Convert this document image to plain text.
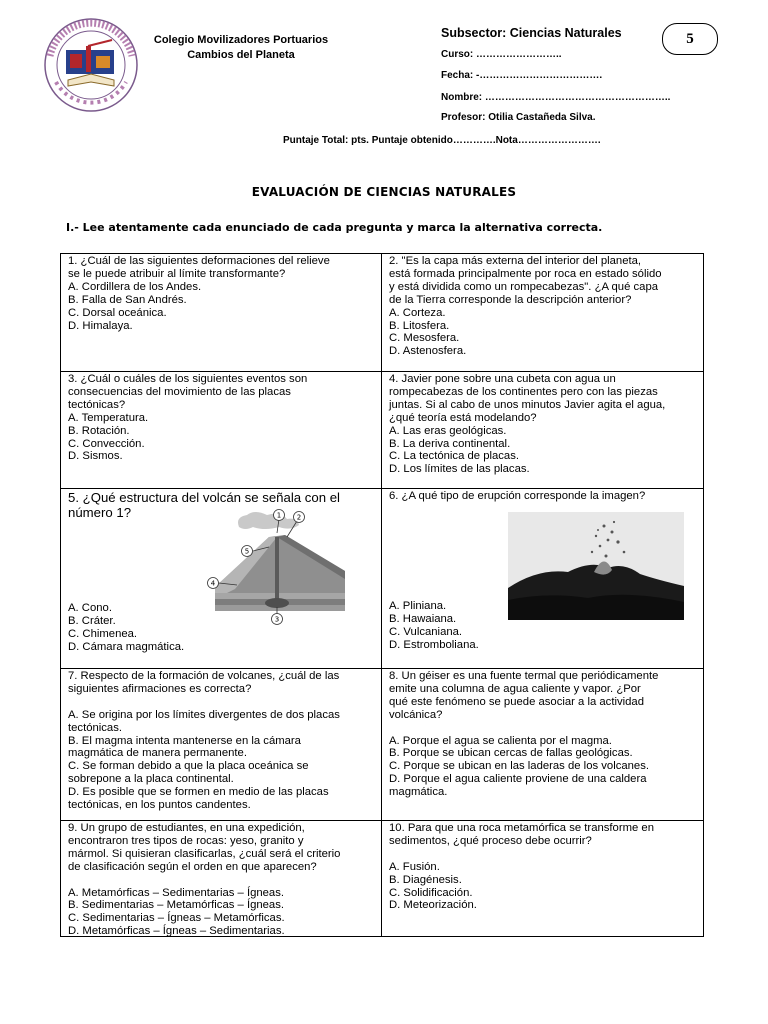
Colegio Movilizadores Portuarios
Cambios del Planeta
Subsector: Ciencias Naturales	5
Curso: ……………………..
Fecha: -……………………………….
Nombre: ………………………………………………..
Profesor: Otilia Castañeda Silva.
Puntaje Total: pts. Puntaje obtenido………….Nota…………………….
EVALUACIÓN DE CIENCIAS NATURALES
I.- Lee atentamente cada enunciado de cada pregunta y marca la alternativa correcta.
1. ¿Cuál de las siguientes deformaciones del relieve
se le puede atribuir al límite transformante?
A. Cordillera de los Andes.
B. Falla de San Andrés.
C. Dorsal oceánica.
D. Himalaya.
2. "Es la capa más externa del interior del planeta,
está formada principalmente por roca en estado sólido
y está dividida como un rompecabezas". ¿A qué capa
de la Tierra corresponde la descripción anterior?
A. Corteza.
B. Litosfera.
C. Mesosfera.
D. Astenosfera.
3. ¿Cuál o cuáles de los siguientes eventos son
consecuencias del movimiento de las placas
tectónicas?
A. Temperatura.
B. Rotación.
C. Convección.
D. Sismos.
4. Javier pone sobre una cubeta con agua un
rompecabezas de los continentes pero con las piezas
juntas. Si al cabo de unos minutos Javier agita el agua,
¿qué teoría está modelando?
A. Las eras geológicas.
B. La deriva continental.
C. La tectónica de placas.
D. Los límites de las placas.
5. ¿Qué estructura del volcán se señala con el
número 1?
A. Cono.
B. Cráter.
C. Chimenea.
D. Cámara magmática.
1 2
3
4
5
6. ¿A qué tipo de erupción corresponde la imagen?
A. Pliniana.
B. Hawaiana.
C. Vulcaniana.
D. Estromboliana.
7. Respecto de la formación de volcanes, ¿cuál de las
siguientes afirmaciones es correcta?
A. Se origina por los límites divergentes de dos placas
tectónicas.
B. El magma intenta mantenerse en la cámara
magmática de manera permanente.
C. Se forman debido a que la placa oceánica se
sobrepone a la placa continental.
D. Es posible que se formen en medio de las placas
tectónicas, en los puntos candentes.
8. Un géiser es una fuente termal que periódicamente
emite una columna de agua caliente y vapor. ¿Por
qué este fenómeno se puede asociar a la actividad
volcánica?
A. Porque el agua se calienta por el magma.
B. Porque se ubican cercas de fallas geológicas.
C. Porque se ubican en las laderas de los volcanes.
D. Porque el agua caliente proviene de una caldera
magmática.
9. Un grupo de estudiantes, en una expedición,
encontraron tres tipos de rocas: yeso, granito y
mármol. Si quisieran clasificarlas, ¿cuál será el criterio
de clasificación según el orden en que aparecen?
A. Metamórficas – Sedimentarias – Ígneas.
B. Sedimentarias – Metamórficas – Ígneas.
C. Sedimentarias – Ígneas – Metamórficas.
D. Metamórficas – Ígneas – Sedimentarias.
10. Para que una roca metamórfica se transforme en
sedimentos, ¿qué proceso debe ocurrir?
A. Fusión.
B. Diagénesis.
C. Solidificación.
D. Meteorización.
